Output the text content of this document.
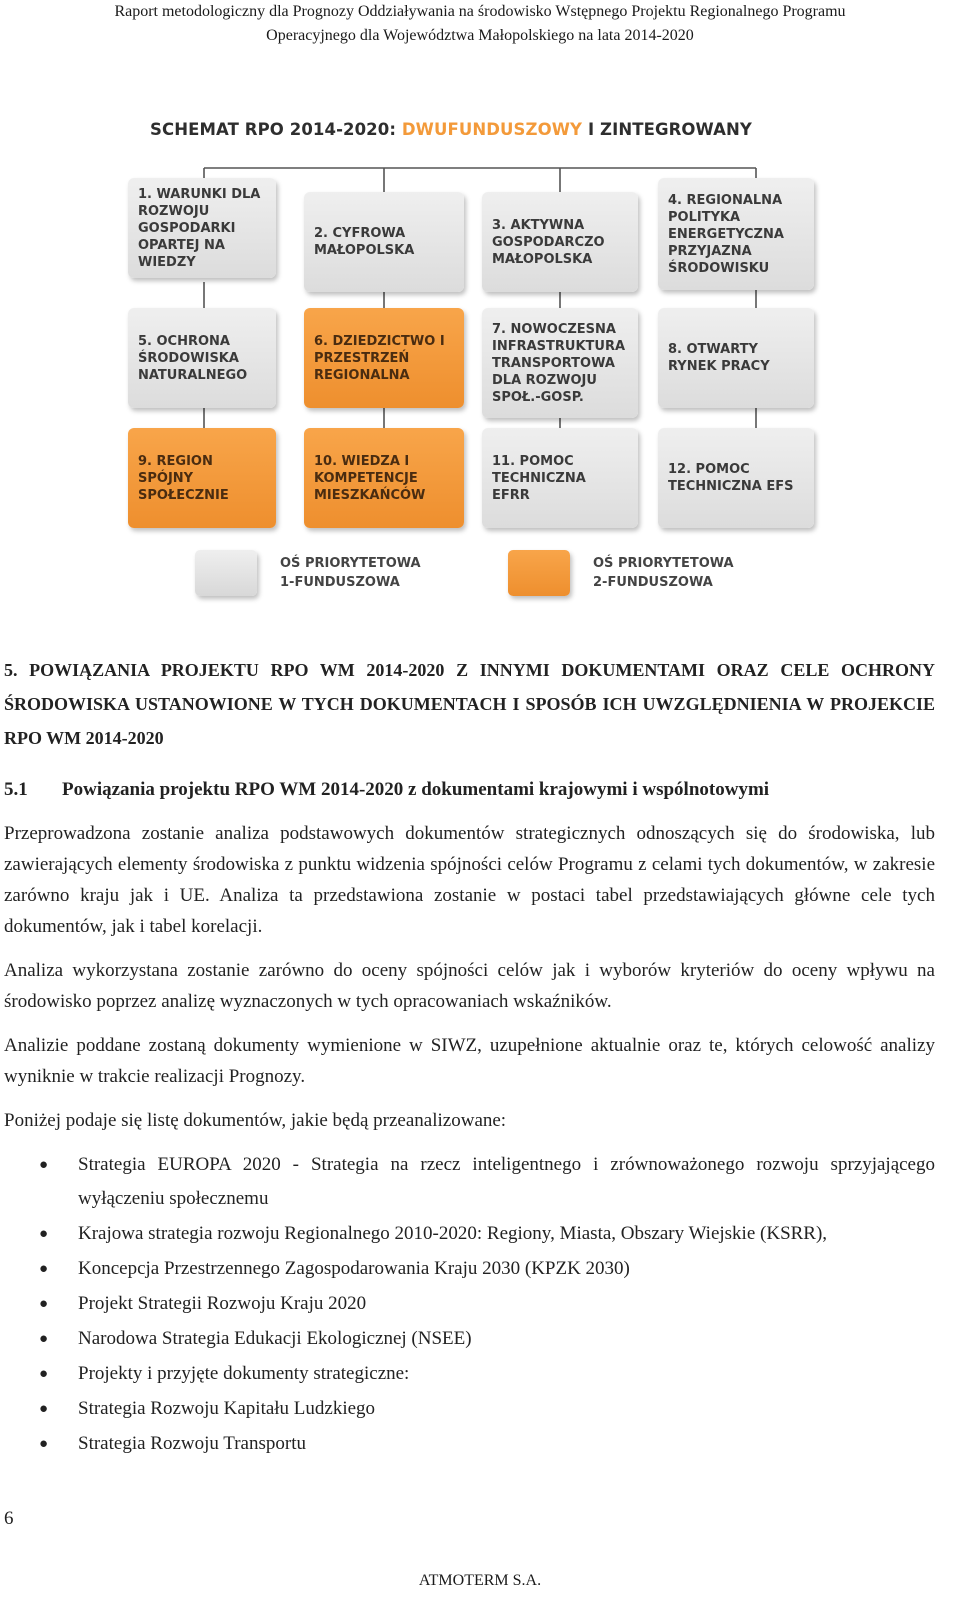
Raport metodologiczny dla Prognozy Oddziaływania na środowisko Wstępnego Projektu Regionalnego Programu
Operacyjnego dla Województwa Małopolskiego na lata 2014-2020
SCHEMAT RPO 2014-2020: DWUFUNDUSZOWY I ZINTEGROWANY
1. WARUNKI DLA ROZWOJU GOSPODARKI OPARTEJ NA WIEDZY
2. CYFROWA MAŁOPOLSKA
3. AKTYWNA GOSPODARCZO MAŁOPOLSKA
4. REGIONALNA POLITYKA ENERGETYCZNA PRZYJAZNA ŚRODOWISKU
5. OCHRONA ŚRODOWISKA NATURALNEGO
6. DZIEDZICTWO I PRZESTRZEŃ REGIONALNA
7. NOWOCZESNA INFRASTRUKTURA TRANSPORTOWA DLA ROZWOJU SPOŁ.-GOSP.
8. OTWARTY RYNEK PRACY
9. REGION SPÓJNY SPOŁECZNIE
10. WIEDZA I KOMPETENCJE MIESZKAŃCÓW
11. POMOC TECHNICZNA EFRR
12. POMOC TECHNICZNA EFS
OŚ PRIORYTETOWA
1-FUNDUSZOWA
OŚ PRIORYTETOWA
2-FUNDUSZOWA
5. POWIĄZANIA PROJEKTU RPO WM 2014-2020 Z INNYMI DOKUMENTAMI ORAZ CELE OCHRONY ŚRODOWISKA USTANOWIONE W TYCH DOKUMENTACH I SPOSÓB ICH UWZGLĘDNIENIA W PROJEKCIE RPO WM 2014-2020
5.1 Powiązania projektu RPO WM 2014-2020 z dokumentami krajowymi i wspólnotowymi
Przeprowadzona zostanie analiza podstawowych dokumentów strategicznych odnoszących się do środowiska, lub zawierających elementy środowiska z punktu widzenia spójności celów Programu z celami tych dokumentów, w zakresie zarówno kraju jak i UE. Analiza ta przedstawiona zostanie w postaci tabel przedstawiających główne cele tych dokumentów, jak i tabel korelacji.
Analiza wykorzystana zostanie zarówno do oceny spójności celów jak i wyborów kryteriów do oceny wpływu na środowisko poprzez analizę wyznaczonych w tych opracowaniach wskaźników.
Analizie poddane zostaną dokumenty wymienione w SIWZ, uzupełnione aktualnie oraz te, których celowość analizy wyniknie w trakcie realizacji Prognozy.
Poniżej podaje się listę dokumentów, jakie będą przeanalizowane:
● Strategia EUROPA 2020 - Strategia na rzecz inteligentnego i zrównoważonego rozwoju sprzyjającego wyłączeniu społecznemu
● Krajowa strategia rozwoju Regionalnego 2010-2020: Regiony, Miasta, Obszary Wiejskie (KSRR),
● Koncepcja Przestrzennego Zagospodarowania Kraju 2030 (KPZK 2030)
● Projekt Strategii Rozwoju Kraju 2020
● Narodowa Strategia Edukacji Ekologicznej (NSEE)
● Projekty i przyjęte dokumenty strategiczne:
● Strategia Rozwoju Kapitału Ludzkiego
● Strategia Rozwoju Transportu
6
ATMOTERM S.A.
